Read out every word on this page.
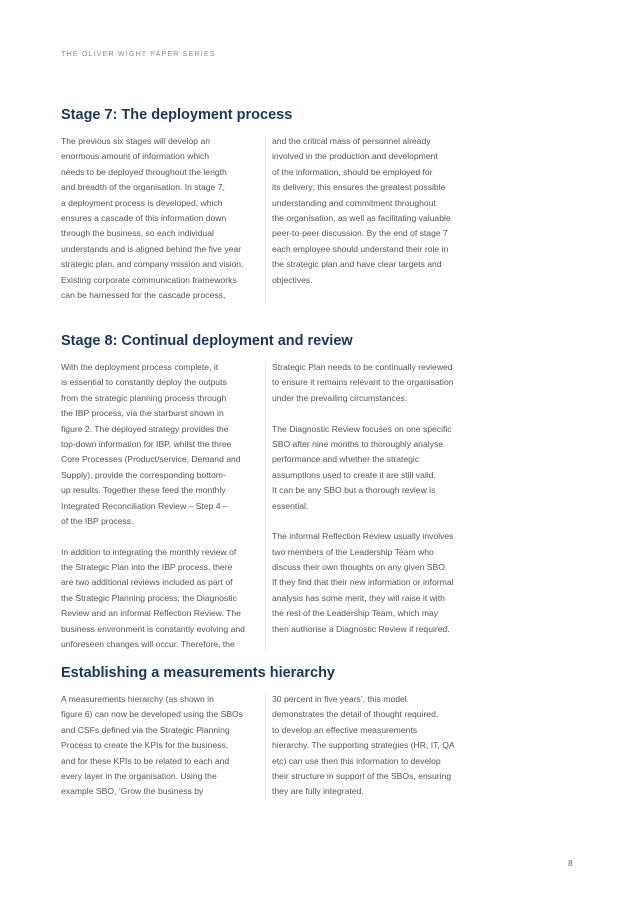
THE OLIVER WIGHT PAPER SERIES
Stage 7: The deployment process
The previous six stages will develop an
enormous amount of information which
needs to be deployed throughout the length
and breadth of the organisation. In stage 7,
a deployment process is developed, which
ensures a cascade of this information down
through the business, so each individual
understands and is aligned behind the five year
strategic plan, and company mission and vision.
Existing corporate communication frameworks
can be harnessed for the cascade process,
and the critical mass of personnel already
involved in the production and development
of the information, should be employed for
its delivery; this ensures the greatest possible
understanding and commitment throughout
the organisation, as well as facilitating valuable
peer-to-peer discussion. By the end of stage 7
each employee should understand their role in
the strategic plan and have clear targets and
objectives.
Stage 8: Continual deployment and review
With the deployment process complete, it
is essential to constantly deploy the outputs
from the strategic planning process through
the IBP process, via the starburst shown in
figure 2. The deployed strategy provides the
top-down information for IBP, whilst the three
Core Processes (Product/service, Demand and
Supply), provide the corresponding bottom-
up results. Together these feed the monthly
Integrated Reconciliation Review – Step 4 –
of the IBP process.
In addition to integrating the monthly review of
the Strategic Plan into the IBP process, there
are two additional reviews included as part of
the Strategic Planning process; the Diagnostic
Review and an informal Reflection Review. The
business environment is constantly evolving and
unforeseen changes will occur. Therefore, the
Strategic Plan needs to be continually reviewed
to ensure it remains relevant to the organisation
under the prevailing circumstances.
The Diagnostic Review focuses on one specific
SBO after nine months to thoroughly analyse
performance and whether the strategic
assumptions used to create it are still valid.
It can be any SBO but a thorough review is
essential.
The informal Reflection Review usually involves
two members of the Leadership Team who
discuss their own thoughts on any given SBO.
If they find that their new information or informal
analysis has some merit, they will raise it with
the rest of the Leadership Team, which may
then authorise a Diagnostic Review if required.
Establishing a measurements hierarchy
A measurements hierarchy (as shown in
figure 6) can now be developed using the SBOs
and CSFs defined via the Strategic Planning
Process to create the KPIs for the business,
and for these KPIs to be related to each and
every layer in the organisation. Using the
example SBO, ‘Grow the business by
30 percent in five years’, this model
demonstrates the detail of thought required,
to develop an effective measurements
hierarchy. The supporting strategies (HR, IT, QA
etc) can use then this information to develop
their structure in support of the SBOs, ensuring
they are fully integrated.
8
